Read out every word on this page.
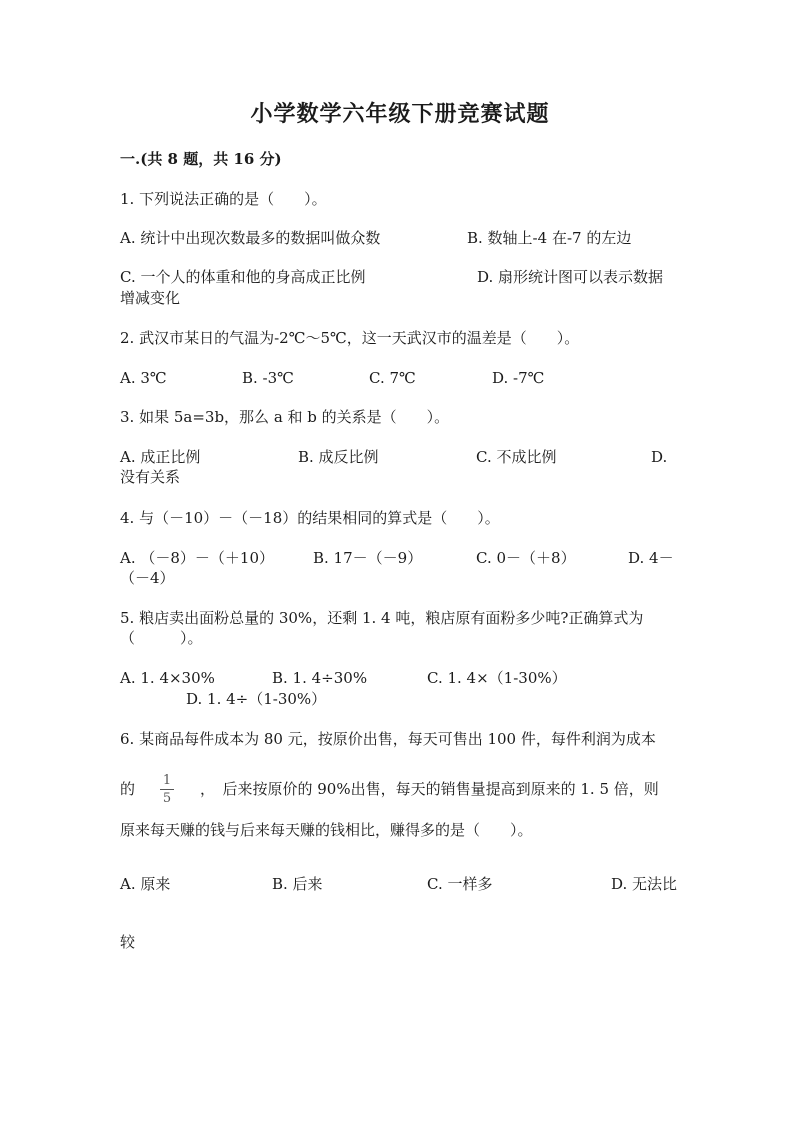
小学数学六年级下册竞赛试题
一.(共 8 题，共 16 分)
1. 下列说法正确的是（　　）。
A. 统计中出现次数最多的数据叫做众数	B. 数轴上-4 在-7 的左边
C. 一个人的体重和他的身高成正比例	D. 扇形统计图可以表示数据
增减变化
2. 武汉市某日的气温为-2℃～5℃，这一天武汉市的温差是（　　）。
A. 3℃	B. -3℃	C. 7℃	D. -7℃
3. 如果 5a=3b，那么 a 和 b 的关系是（　　）。
A. 成正比例	B. 成反比例	C. 不成比例	D.
没有关系
4. 与（－10）－（－18）的结果相同的算式是（　　）。
A. （－8）－（＋10）	B. 17－（－9）	C. 0－（＋8）	D. 4－
（－4）
5. 粮店卖出面粉总量的 30%，还剩 1. 4 吨，粮店原有面粉多少吨?正确算式为
（　　　）。
A. 1. 4×30%	B. 1. 4÷30%	C. 1. 4×（1-30%）
D. 1. 4÷（1-30%）
6. 某商品每件成本为 80 元，按原价出售，每天可售出 100 件，每件利润为成本
的 1
5
，　后来按原价的 90%出售，每天的销售量提高到原来的 1. 5 倍，则
原来每天赚的钱与后来每天赚的钱相比，赚得多的是（　　）。
A. 原来	B. 后来	C. 一样多	D. 无法比
较
